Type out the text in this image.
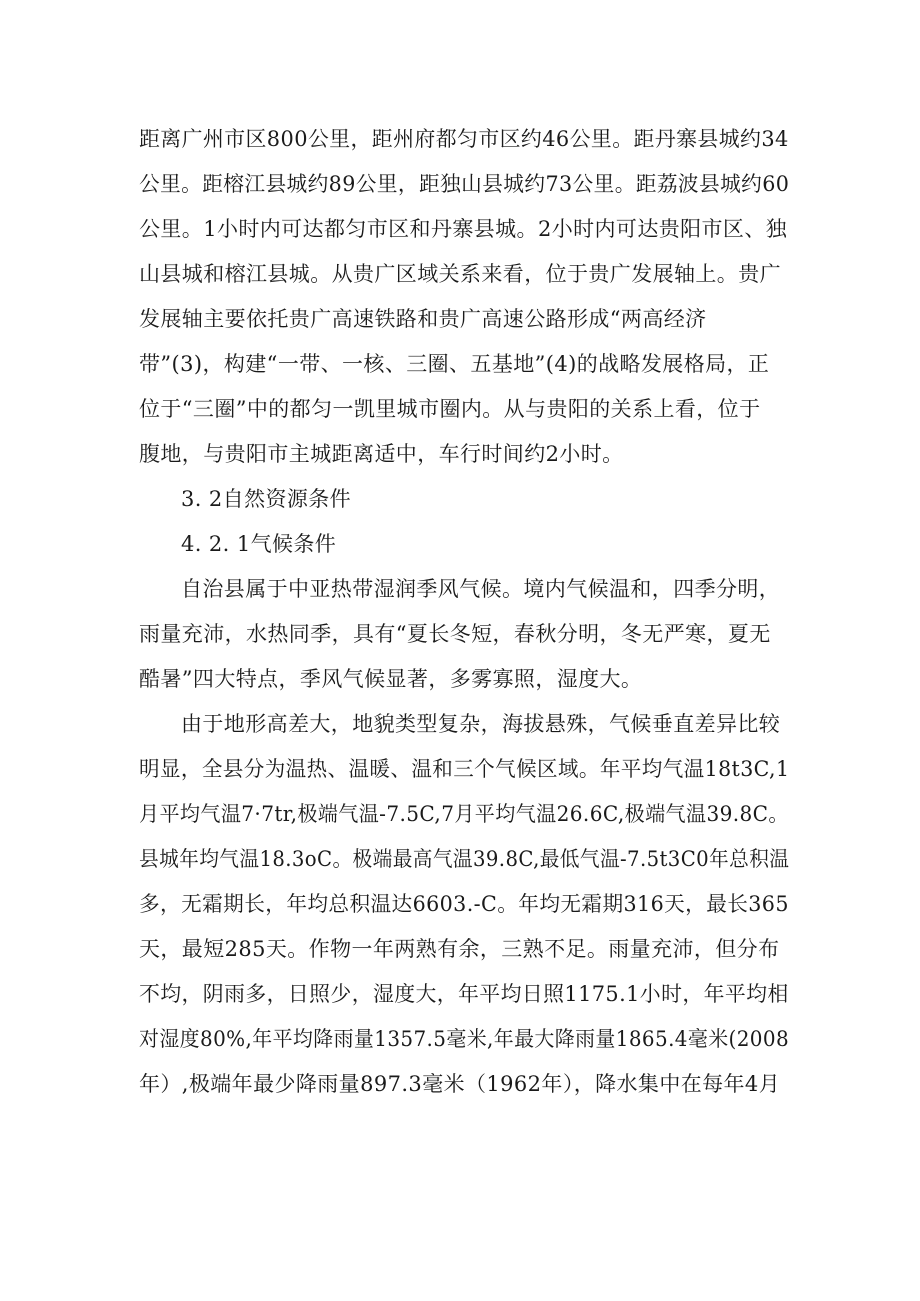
距离广州市区800公里，距州府都匀市区约46公里。距丹寨县城约34
公里。距榕江县城约89公里，距独山县城约73公里。距荔波县城约60
公里。1小时内可达都匀市区和丹寨县城。2小时内可达贵阳市区、独
山县城和榕江县城。从贵广区域关系来看，位于贵广发展轴上。贵广
发展轴主要依托贵广高速铁路和贵广高速公路形成“两高经济
带”(3)，构建“一带、一核、三圈、五基地”(4)的战略发展格局，正
位于“三圈”中的都匀一凯里城市圈内。从与贵阳的关系上看，位于
腹地，与贵阳市主城距离适中，车行时间约2小时。
3. 2自然资源条件
4. 2. 1气候条件
自治县属于中亚热带湿润季风气候。境内气候温和，四季分明，
雨量充沛，水热同季，具有“夏长冬短，春秋分明，冬无严寒，夏无
酷暑”四大特点，季风气候显著，多雾寡照，湿度大。
由于地形高差大，地貌类型复杂，海拔悬殊，气候垂直差异比较
明显，全县分为温热、温暖、温和三个气候区域。年平均气温18t3C,1
月平均气温7·7tr,极端气温-7.5C,7月平均气温26.6C,极端气温39.8C。
县城年均气温18.3oC。极端最高气温39.8C,最低气温-7.5t3C0年总积温
多，无霜期长，年均总积温达6603.-C。年均无霜期316天，最长365
天，最短285天。作物一年两熟有余，三熟不足。雨量充沛，但分布
不均，阴雨多，日照少，湿度大，年平均日照1175.1小时，年平均相
对湿度80%,年平均降雨量1357.5毫米,年最大降雨量1865.4毫米(2008
年）,极端年最少降雨量897.3毫米（1962年），降水集中在每年4月
